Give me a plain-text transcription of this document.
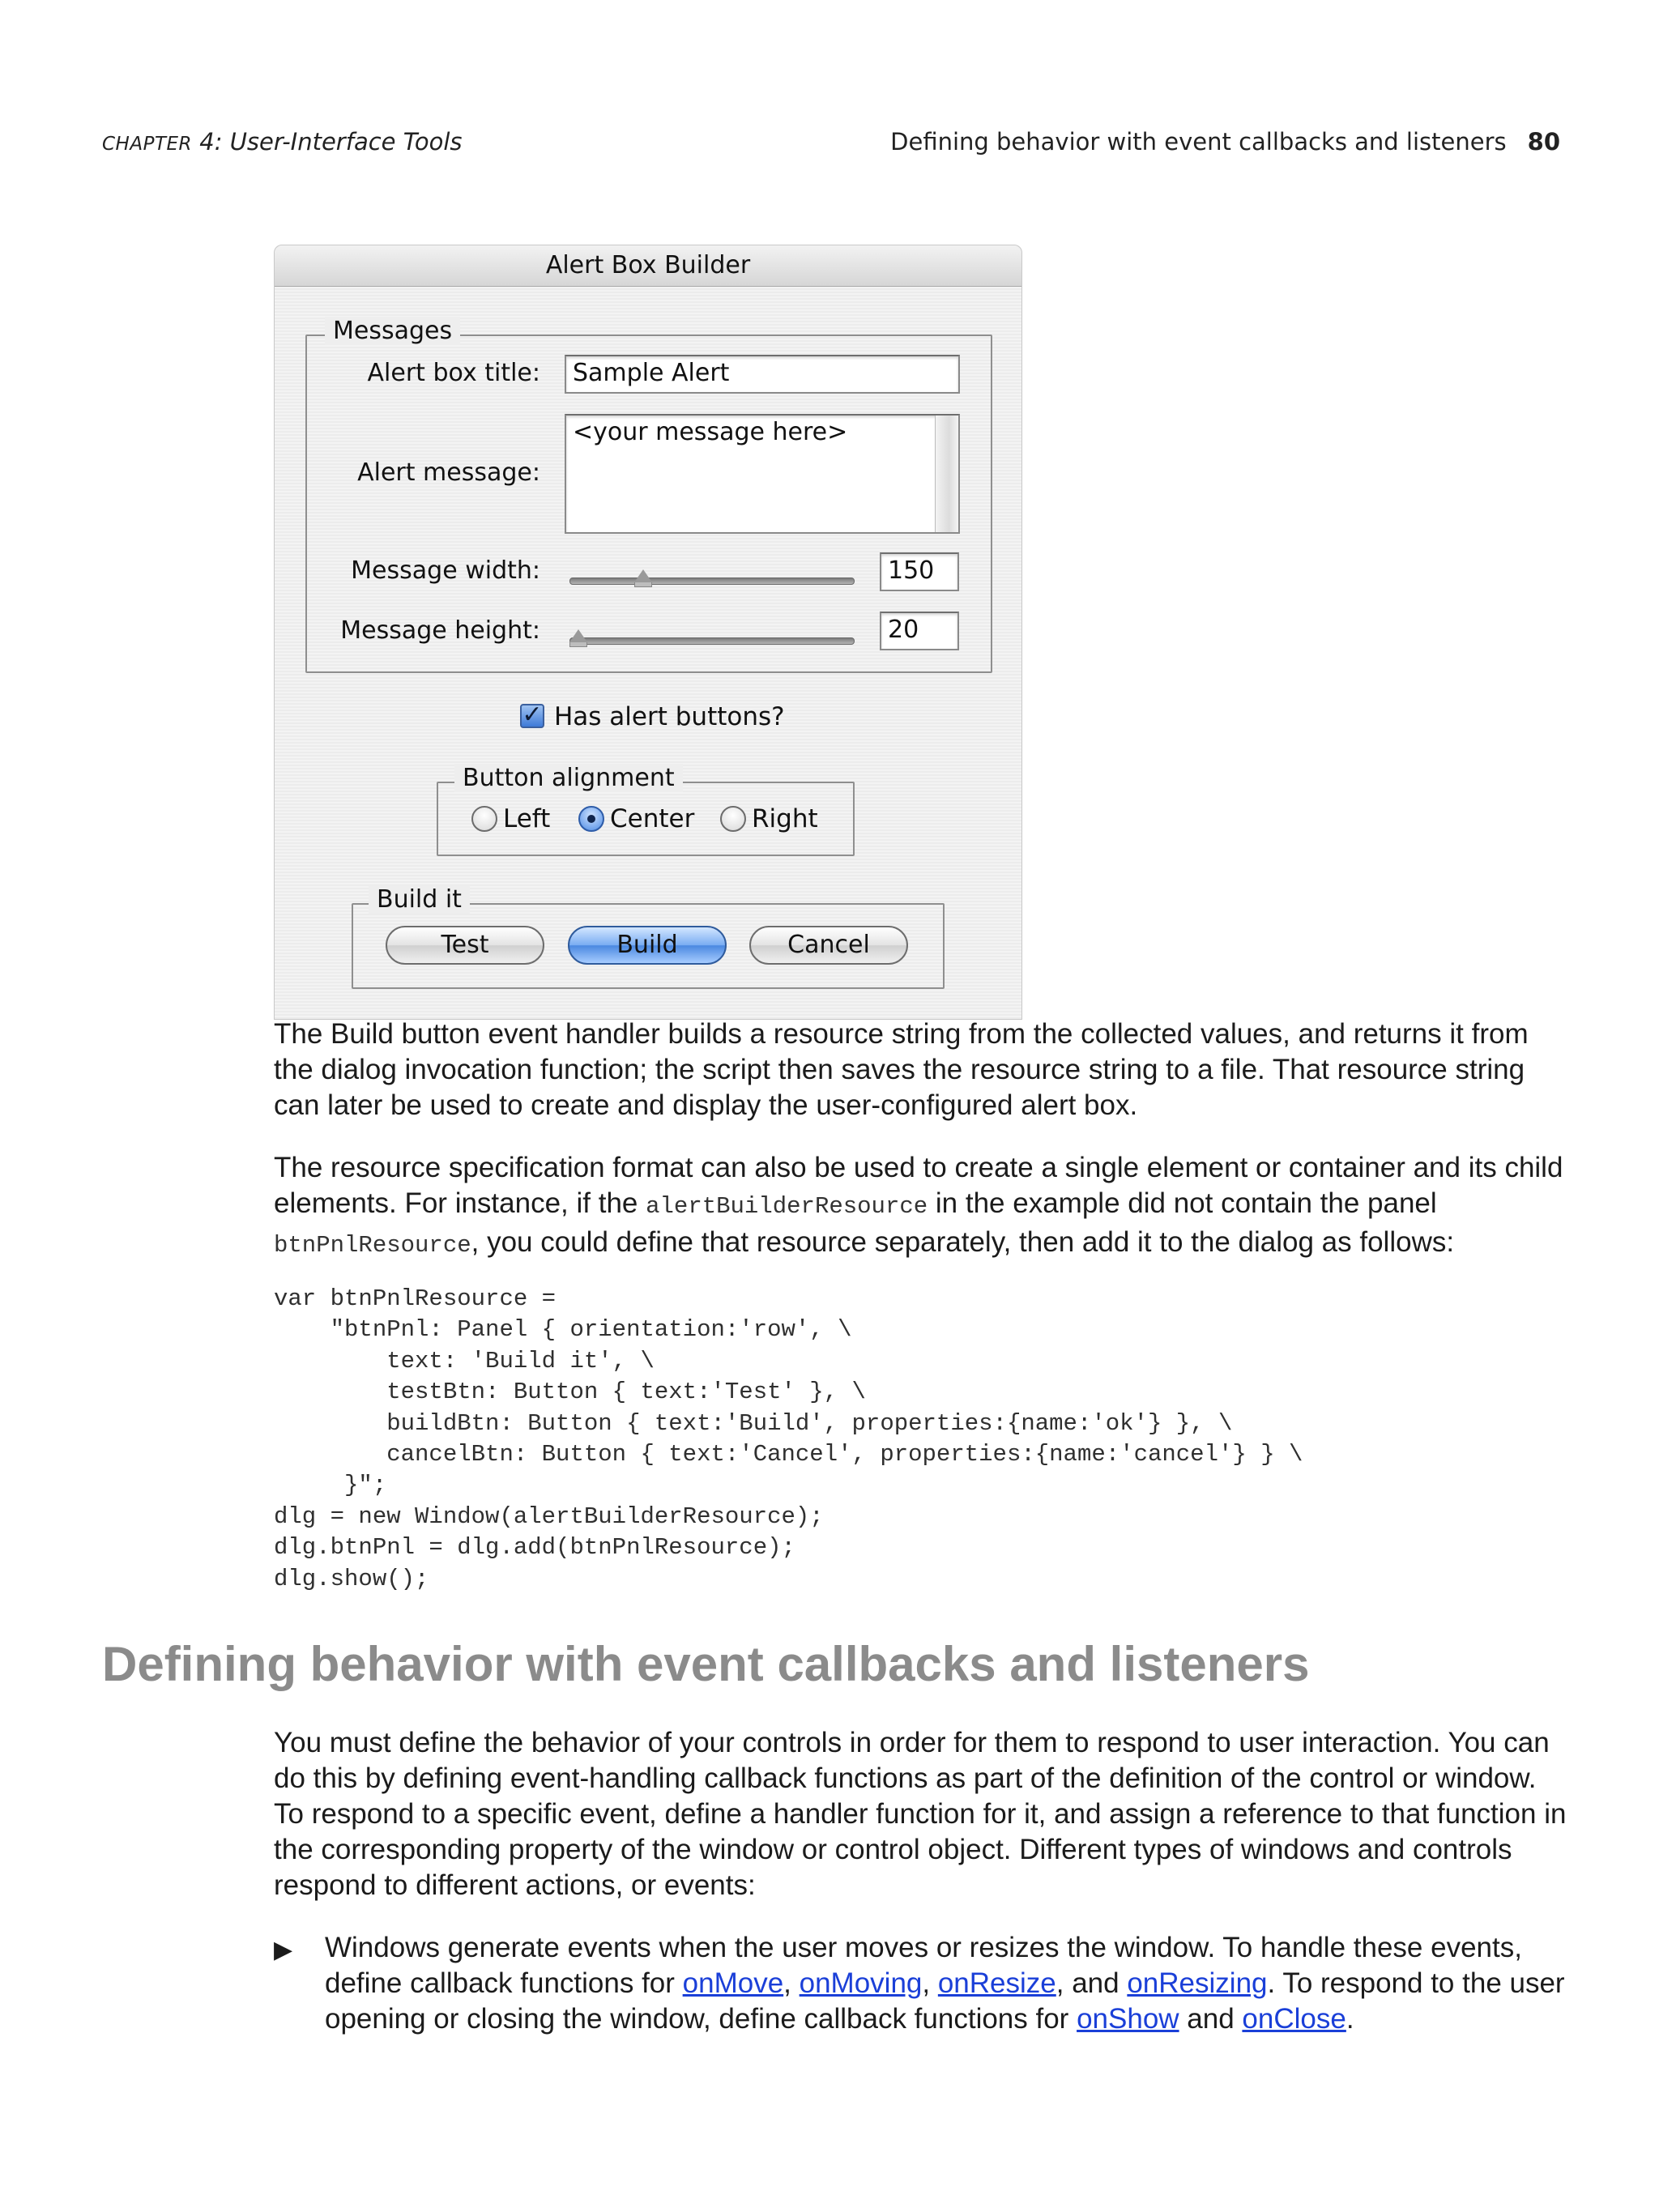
CHAPTER 4: User-Interface Tools	Defining behavior with event callbacks and listeners 80
Alert Box Builder
Messages
Alert box title:	Sample Alert
Alert message:
<your message here>
Message width:	150
Message height:	20
✓ Has alert buttons?
Button alignment
Left Center Right
Build it
Test	Build	Cancel
The Build button event handler builds a resource string from the collected values, and returns it from the dialog invocation function; the script then saves the resource string to a file. That resource string can later be used to create and display the user-configured alert box.
The resource specification format can also be used to create a single element or container and its child elements. For instance, if the alertBuilderResource in the example did not contain the panel btnPnlResource, you could define that resource separately, then add it to the dialog as follows:
var btnPnlResource =
"btnPnl: Panel { orientation:'row', \
text: 'Build it', \
testBtn: Button { text:'Test' }, \
buildBtn: Button { text:'Build', properties:{name:'ok'} }, \
cancelBtn: Button { text:'Cancel', properties:{name:'cancel'} } \
}";
dlg = new Window(alertBuilderResource);
dlg.btnPnl = dlg.add(btnPnlResource);
dlg.show();
Defining behavior with event callbacks and listeners
You must define the behavior of your controls in order for them to respond to user interaction. You can do this by defining event-handling callback functions as part of the definition of the control or window. To respond to a specific event, define a handler function for it, and assign a reference to that function in the corresponding property of the window or control object. Different types of windows and controls respond to different actions, or events:
▶ Windows generate events when the user moves or resizes the window. To handle these events, define callback functions for onMove, onMoving, onResize, and onResizing. To respond to the user opening or closing the window, define callback functions for onShow and onClose.
